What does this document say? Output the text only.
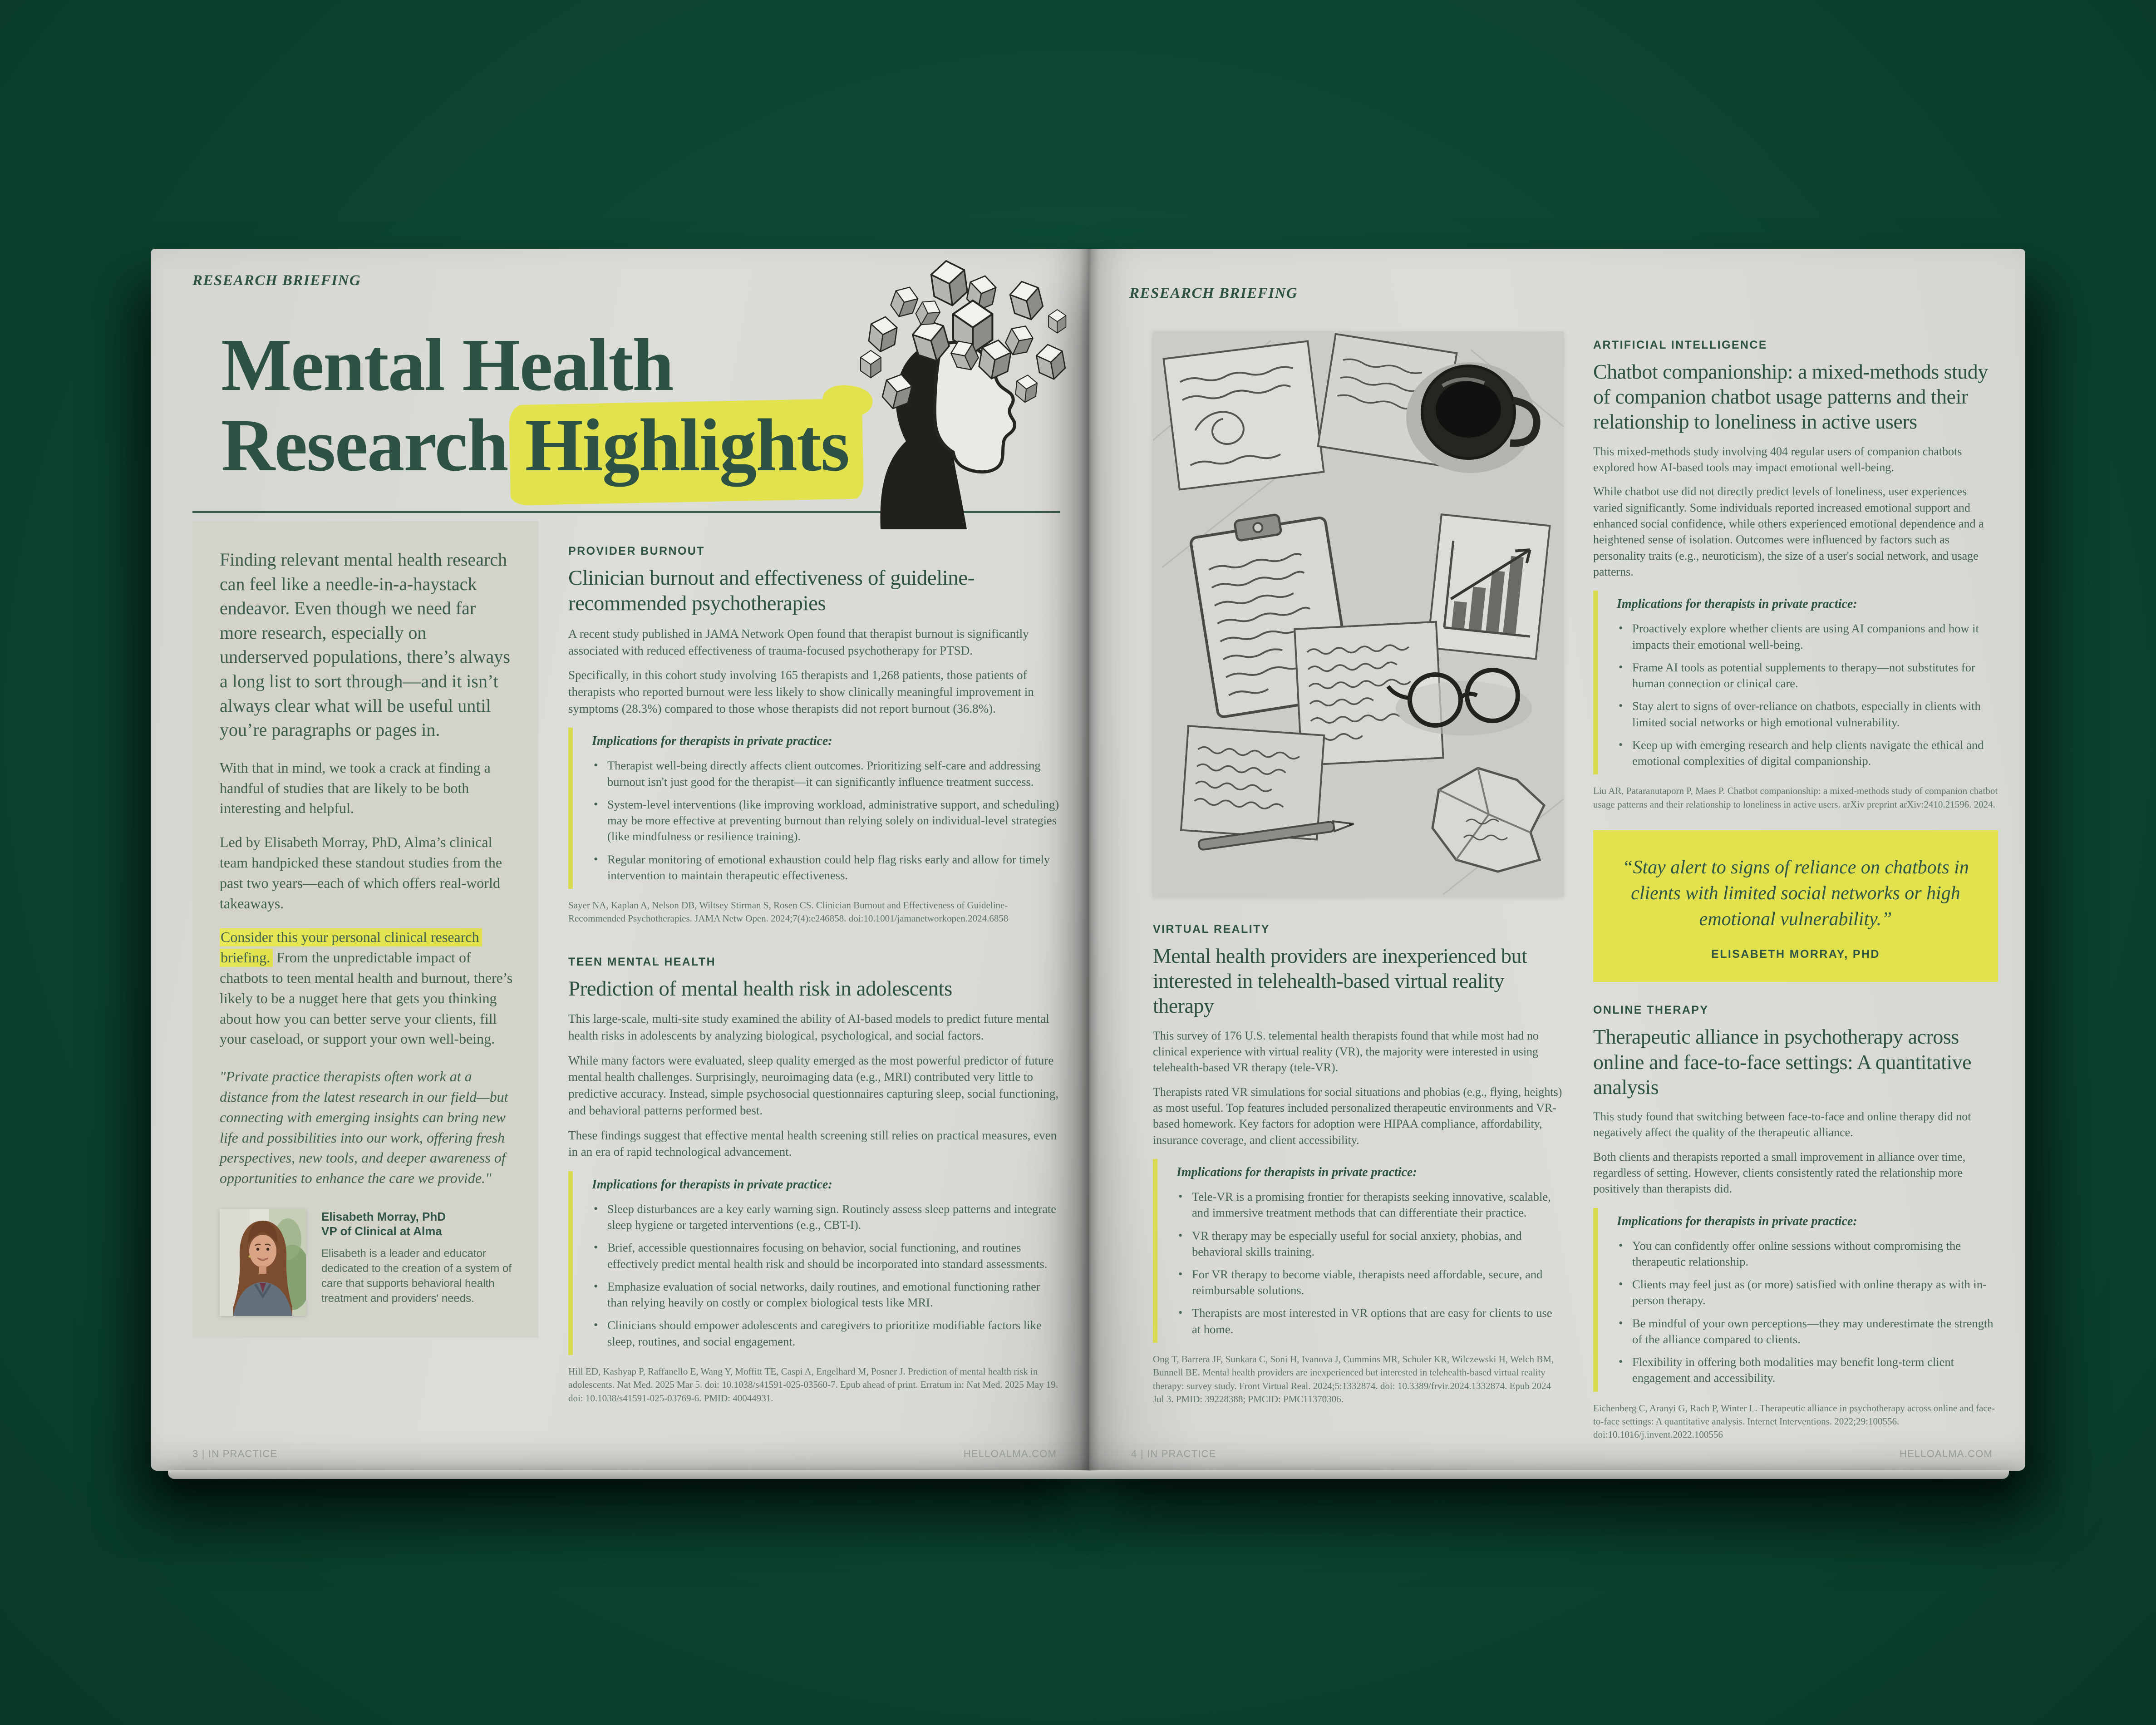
RESEARCH BRIEFING
Mental Health
Research Highlights

Finding relevant mental health research can feel like a needle-in-a-haystack endeavor. Even though we need far more research, especially on underserved populations, there’s always a long list to sort through—and it isn’t always clear what will be useful until you’re paragraphs or pages in.

With that in mind, we took a crack at finding a handful of studies that are likely to be both interesting and helpful.

Led by Elisabeth Morray, PhD, Alma’s clinical team handpicked these standout studies from the past two years—each of which offers real-world takeaways.

Consider this your personal clinical research briefing. From the unpredictable impact of chatbots to teen mental health and burnout, there’s likely to be a nugget here that gets you thinking about how you can better serve your clients, fill your caseload, or support your own well-being.

"Private practice therapists often work at a distance from the latest research in our field—but connecting with emerging insights can bring new life and possibilities into our work, offering fresh perspectives, new tools, and deeper awareness of opportunities to enhance the care we provide."

Elisabeth Morray, PhD
VP of Clinical at Alma
Elisabeth is a leader and educator dedicated to the creation of a system of care that supports behavioral health treatment and providers' needs.
PROVIDER BURNOUT
Clinician burnout and effectiveness of guideline-recommended psychotherapies

A recent study published in JAMA Network Open found that therapist burnout is significantly associated with reduced effectiveness of trauma-focused psychotherapy for PTSD.

Specifically, in this cohort study involving 165 therapists and 1,268 patients, those patients of therapists who reported burnout were less likely to show clinically meaningful improvement in symptoms (28.3%) compared to those whose therapists did not report burnout (36.8%).

Implications for therapists in private practice:
• Therapist well-being directly affects client outcomes. Prioritizing self-care and addressing burnout isn't just good for the therapist—it can significantly influence treatment success.
• System-level interventions (like improving workload, administrative support, and scheduling) may be more effective at preventing burnout than relying solely on individual-level strategies (like mindfulness or resilience training).
• Regular monitoring of emotional exhaustion could help flag risks early and allow for timely intervention to maintain therapeutic effectiveness.

Sayer NA, Kaplan A, Nelson DB, Wiltsey Stirman S, Rosen CS. Clinician Burnout and Effectiveness of Guideline-Recommended Psychotherapies. JAMA Netw Open. 2024;7(4):e246858. doi:10.1001/jamanetworkopen.2024.6858

TEEN MENTAL HEALTH
Prediction of mental health risk in adolescents

This large-scale, multi-site study examined the ability of AI-based models to predict future mental health risks in adolescents by analyzing biological, psychological, and social factors.

While many factors were evaluated, sleep quality emerged as the most powerful predictor of future mental health challenges. Surprisingly, neuroimaging data (e.g., MRI) contributed very little to predictive accuracy. Instead, simple psychosocial questionnaires capturing sleep, social functioning, and behavioral patterns performed best.

These findings suggest that effective mental health screening still relies on practical measures, even in an era of rapid technological advancement.

Implications for therapists in private practice:
• Sleep disturbances are a key early warning sign. Routinely assess sleep patterns and integrate sleep hygiene or targeted interventions (e.g., CBT-I).
• Brief, accessible questionnaires focusing on behavior, social functioning, and routines effectively predict mental health risk and should be incorporated into standard assessments.
• Emphasize evaluation of social networks, daily routines, and emotional functioning rather than relying heavily on costly or complex biological tests like MRI.
• Clinicians should empower adolescents and caregivers to prioritize modifiable factors like sleep, routines, and social engagement.

Hill ED, Kashyap P, Raffanello E, Wang Y, Moffitt TE, Caspi A, Engelhard M, Posner J. Prediction of mental health risk in adolescents. Nat Med. 2025 Mar 5. doi: 10.1038/s41591-025-03560-7. Epub ahead of print. Erratum in: Nat Med. 2025 May 19. doi: 10.1038/s41591-025-03769-6. PMID: 40044931.

3 | IN PRACTICE	HELLOALMA.COM
RESEARCH BRIEFING
VIRTUAL REALITY
Mental health providers are inexperienced but interested in telehealth-based virtual reality therapy

This survey of 176 U.S. telemental health therapists found that while most had no clinical experience with virtual reality (VR), the majority were interested in using telehealth-based VR therapy (tele-VR).

Therapists rated VR simulations for social situations and phobias (e.g., flying, heights) as most useful. Top features included personalized therapeutic environments and VR-based homework. Key factors for adoption were HIPAA compliance, affordability, insurance coverage, and client accessibility.

Implications for therapists in private practice:
• Tele-VR is a promising frontier for therapists seeking innovative, scalable, and immersive treatment methods that can differentiate their practice.
• VR therapy may be especially useful for social anxiety, phobias, and behavioral skills training.
• For VR therapy to become viable, therapists need affordable, secure, and reimbursable solutions.
• Therapists are most interested in VR options that are easy for clients to use at home.

Ong T, Barrera JF, Sunkara C, Soni H, Ivanova J, Cummins MR, Schuler KR, Wilczewski H, Welch BM, Bunnell BE. Mental health providers are inexperienced but interested in telehealth-based virtual reality therapy: survey study. Front Virtual Real. 2024;5:1332874. doi: 10.3389/frvir.2024.1332874. Epub 2024 Jul 3. PMID: 39228388; PMCID: PMC11370306.

ARTIFICIAL INTELLIGENCE
Chatbot companionship: a mixed-methods study of companion chatbot usage patterns and their relationship to loneliness in active users

This mixed-methods study involving 404 regular users of companion chatbots explored how AI-based tools may impact emotional well-being.

While chatbot use did not directly predict levels of loneliness, user experiences varied significantly. Some individuals reported increased emotional support and enhanced social confidence, while others experienced emotional dependence and a heightened sense of isolation. Outcomes were influenced by factors such as personality traits (e.g., neuroticism), the size of a user's social network, and usage patterns.

Implications for therapists in private practice:
• Proactively explore whether clients are using AI companions and how it impacts their emotional well-being.
• Frame AI tools as potential supplements to therapy—not substitutes for human connection or clinical care.
• Stay alert to signs of over-reliance on chatbots, especially in clients with limited social networks or high emotional vulnerability.
• Keep up with emerging research and help clients navigate the ethical and emotional complexities of digital companionship.

Liu AR, Pataranutaporn P, Maes P. Chatbot companionship: a mixed-methods study of companion chatbot usage patterns and their relationship to loneliness in active users. arXiv preprint arXiv:2410.21596. 2024.

“Stay alert to signs of reliance on chatbots in clients with limited social networks or high emotional vulnerability.”

ELISABETH MORRAY, PHD
ONLINE THERAPY
Therapeutic alliance in psychotherapy across online and face-to-face settings: A quantitative analysis

This study found that switching between face-to-face and online therapy did not negatively affect the quality of the therapeutic alliance.

Both clients and therapists reported a small improvement in alliance over time, regardless of setting. However, clients consistently rated the relationship more positively than therapists did.

Implications for therapists in private practice:
• You can confidently offer online sessions without compromising the therapeutic relationship.
• Clients may feel just as (or more) satisfied with online therapy as with in-person therapy.
• Be mindful of your own perceptions—they may underestimate the strength of the alliance compared to clients.
• Flexibility in offering both modalities may benefit long-term client engagement and accessibility.

Eichenberg C, Aranyi G, Rach P, Winter L. Therapeutic alliance in psychotherapy across online and face-to-face settings: A quantitative analysis. Internet Interventions. 2022;29:100556. doi:10.1016/j.invent.2022.100556

4 | IN PRACTICE	HELLOALMA.COM
